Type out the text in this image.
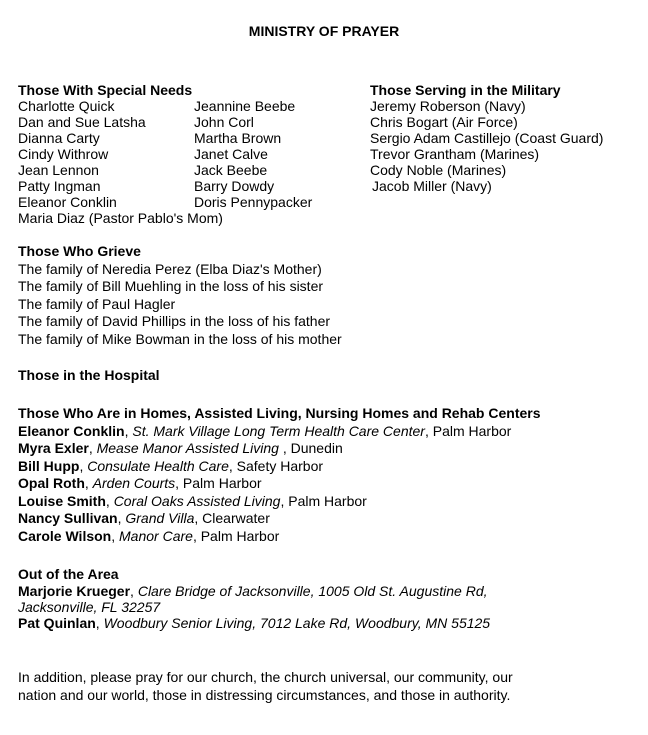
MINISTRY OF PRAYER
Those With Special Needs
Charlotte Quick
Dan and Sue Latsha
Dianna Carty
Cindy Withrow
Jean Lennon
Patty Ingman
Eleanor Conklin
Maria Diaz (Pastor Pablo's Mom)
Jeannine Beebe
John Corl
Martha Brown
Janet Calve
Jack Beebe
Barry Dowdy
Doris Pennypacker
Those Serving in the Military
Jeremy Roberson (Navy)
Chris Bogart (Air Force)
Sergio Adam Castillejo (Coast Guard)
Trevor Grantham (Marines)
Cody Noble (Marines)
Jacob Miller (Navy)
Those Who Grieve
The family of Neredia Perez (Elba Diaz's Mother)
The family of Bill Muehling in the loss of his sister
The family of Paul Hagler
The family of David Phillips in the loss of his father
The family of Mike Bowman in the loss of his mother
Those in the Hospital
Those Who Are in Homes, Assisted Living, Nursing Homes and Rehab Centers
Eleanor Conklin, St. Mark Village Long Term Health Care Center, Palm Harbor
Myra Exler, Mease Manor Assisted Living , Dunedin
Bill Hupp, Consulate Health Care, Safety Harbor
Opal Roth, Arden Courts, Palm Harbor
Louise Smith, Coral Oaks Assisted Living, Palm Harbor
Nancy Sullivan, Grand Villa, Clearwater
Carole Wilson, Manor Care, Palm Harbor
Out of the Area
Marjorie Krueger, Clare Bridge of Jacksonville, 1005 Old St. Augustine Rd,
Jacksonville, FL 32257
Pat Quinlan, Woodbury Senior Living, 7012 Lake Rd, Woodbury, MN 55125
In addition, please pray for our church, the church universal, our community, our
nation and our world, those in distressing circumstances, and those in authority.
